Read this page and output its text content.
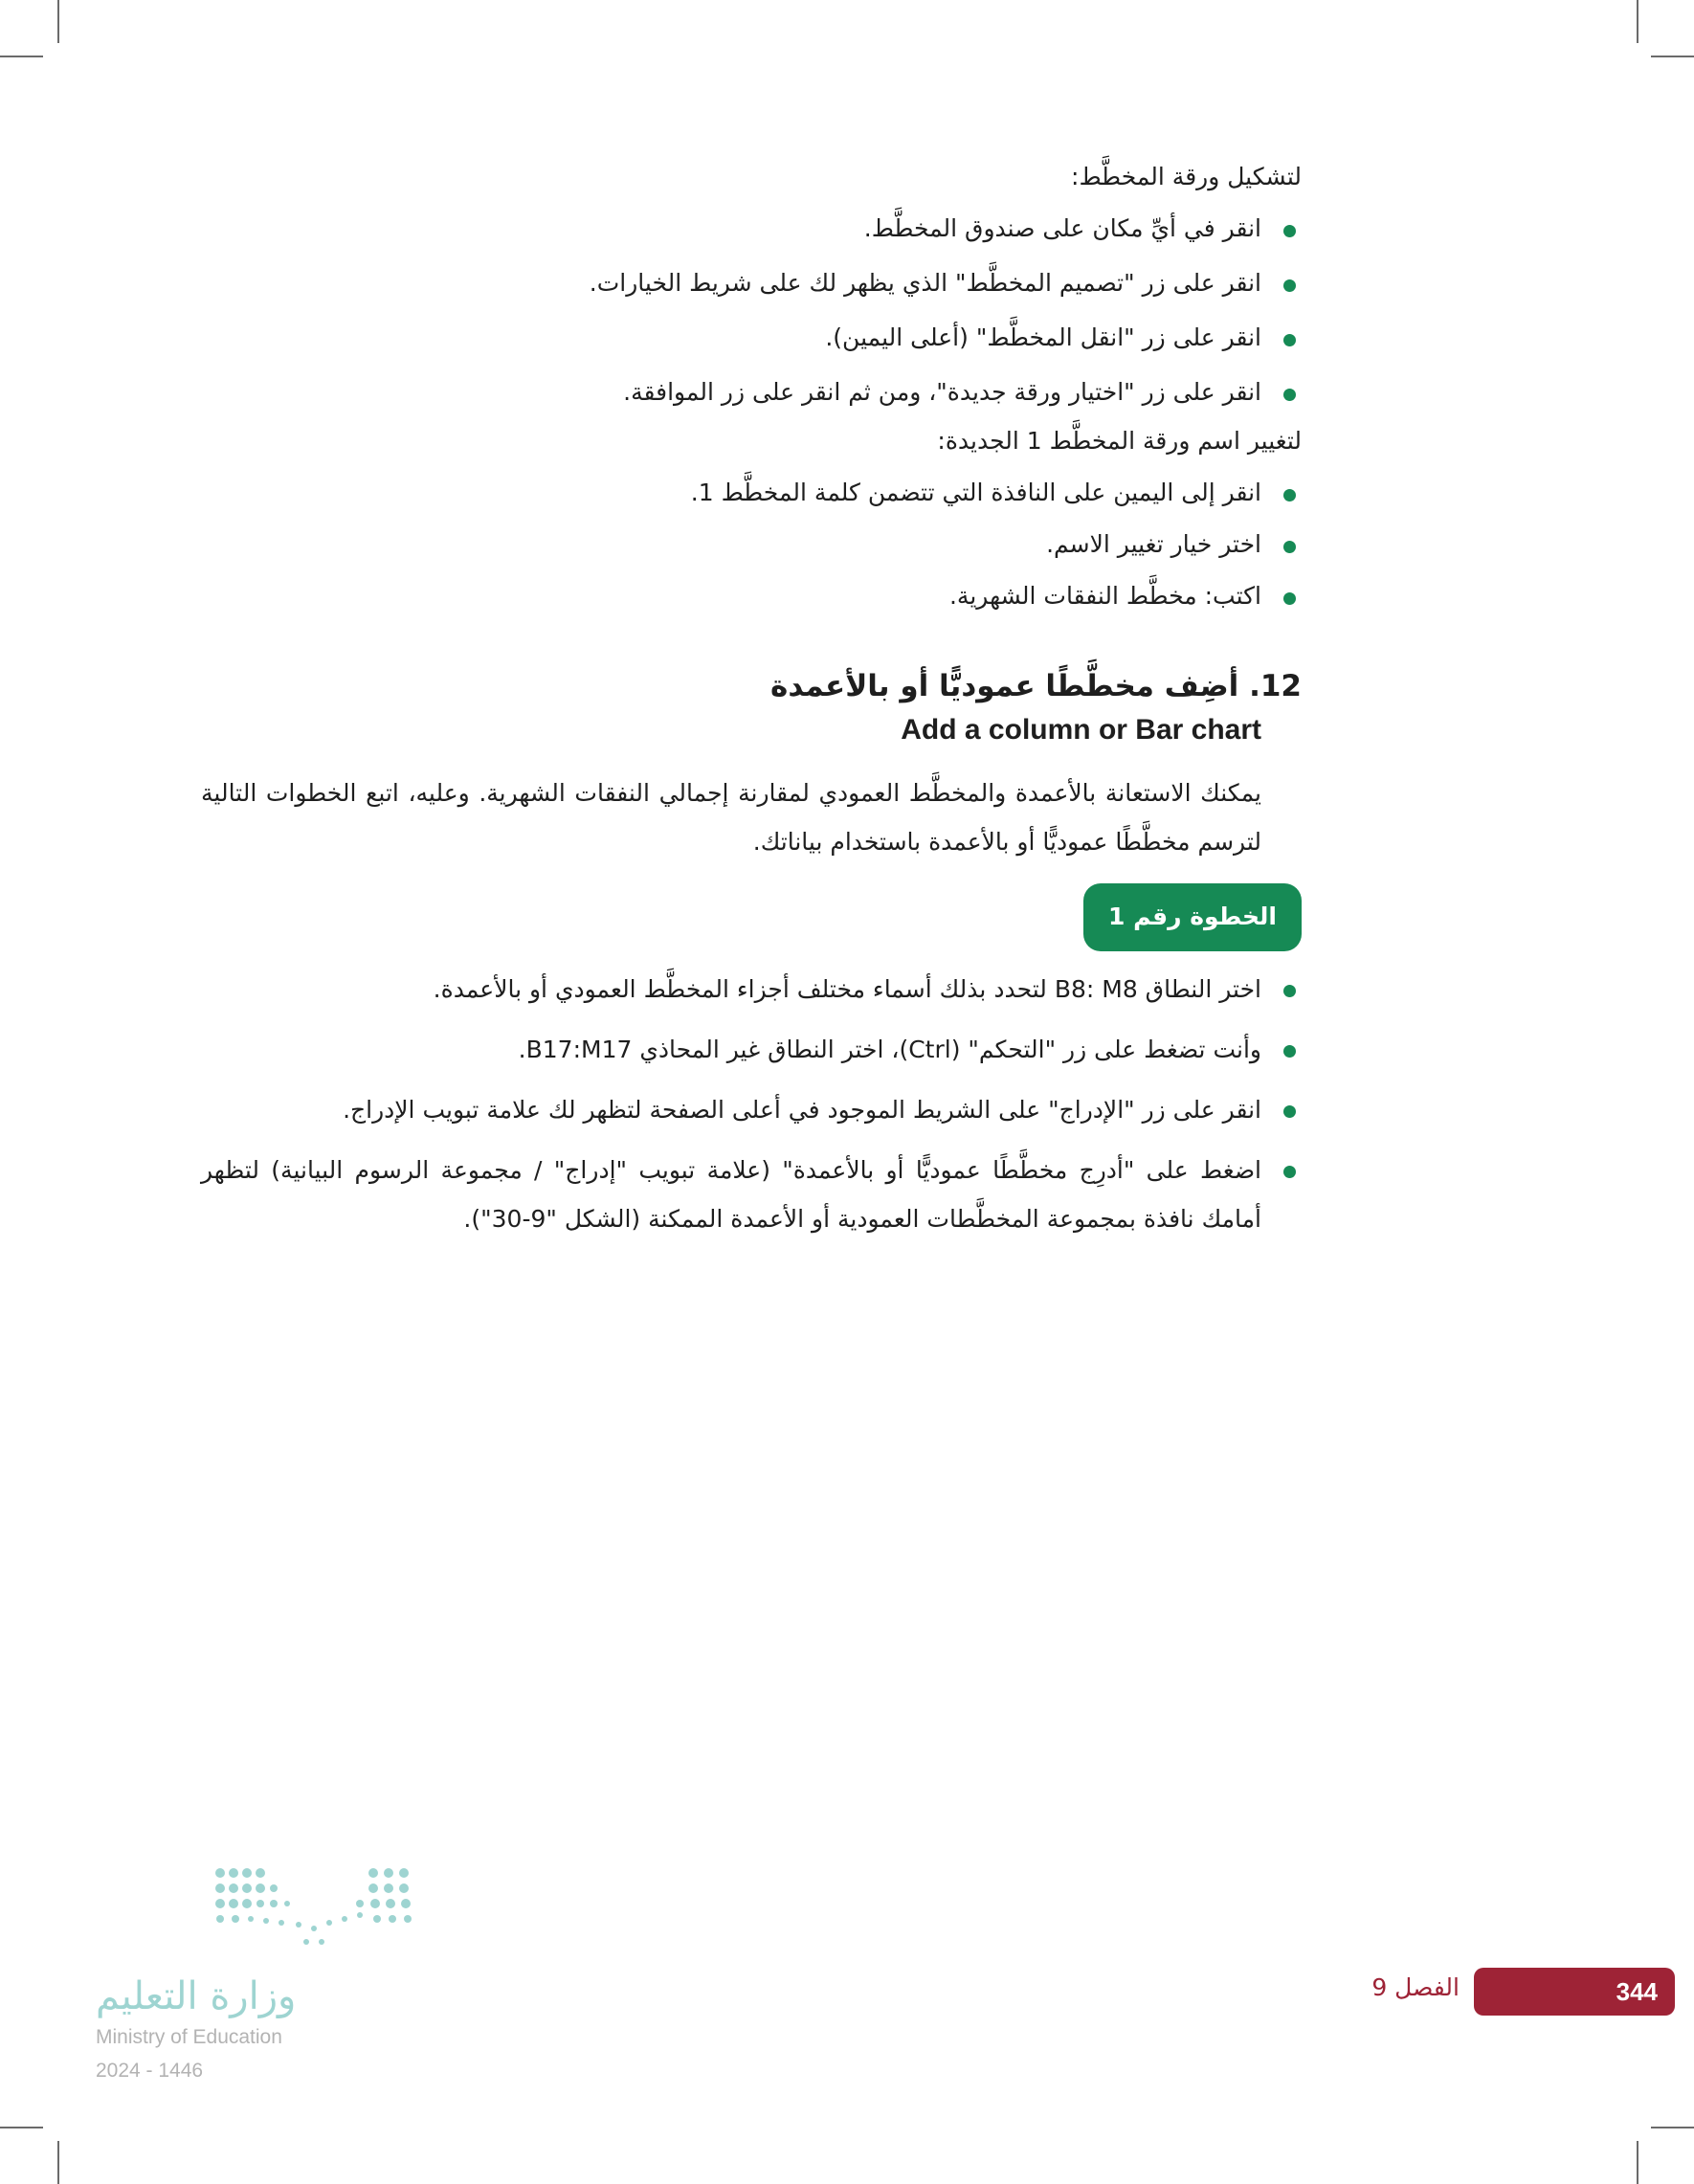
لتشكيل ورقة المخطَّط:

انقر في أيِّ مكان على صندوق المخطَّط.
انقر على زر "تصميم المخطَّط" الذي يظهر لك على شريط الخيارات.
انقر على زر "انقل المخطَّط" (أعلى اليمين).
انقر على زر "اختيار ورقة جديدة"، ومن ثم انقر على زر الموافقة.

لتغيير اسم ورقة المخطَّط 1 الجديدة:

انقر إلى اليمين على النافذة التي تتضمن كلمة المخطَّط 1.
اختر خيار تغيير الاسم.
اكتب: مخطَّط النفقات الشهرية.
12. أضِف مخطَّطًا عموديًّا أو بالأعمدة
Add a column or Bar chart

يمكنك الاستعانة بالأعمدة والمخطَّط العمودي لمقارنة إجمالي النفقات الشهرية. وعليه، اتبع الخطوات التالية لترسم مخطَّطًا عموديًّا أو بالأعمدة باستخدام بياناتك.

الخطوة رقم 1
اختر النطاق B8: M8 لتحدد بذلك أسماء مختلف أجزاء المخطَّط العمودي أو بالأعمدة.
وأنت تضغط على زر "التحكم" (Ctrl)، اختر النطاق غير المحاذي B17:M17.
انقر على زر "الإدراج" على الشريط الموجود في أعلى الصفحة لتظهر لك علامة تبويب الإدراج.
اضغط على "أدرِج مخطَّطًا عموديًّا أو بالأعمدة" (علامة تبويب "إدراج" / مجموعة الرسوم البيانية) لتظهر أمامك نافذة بمجموعة المخطَّطات العمودية أو الأعمدة الممكنة (الشكل "9-30").
وزارة التعليم
Ministry of Education
2024 - 1446
الفصل 9	344
